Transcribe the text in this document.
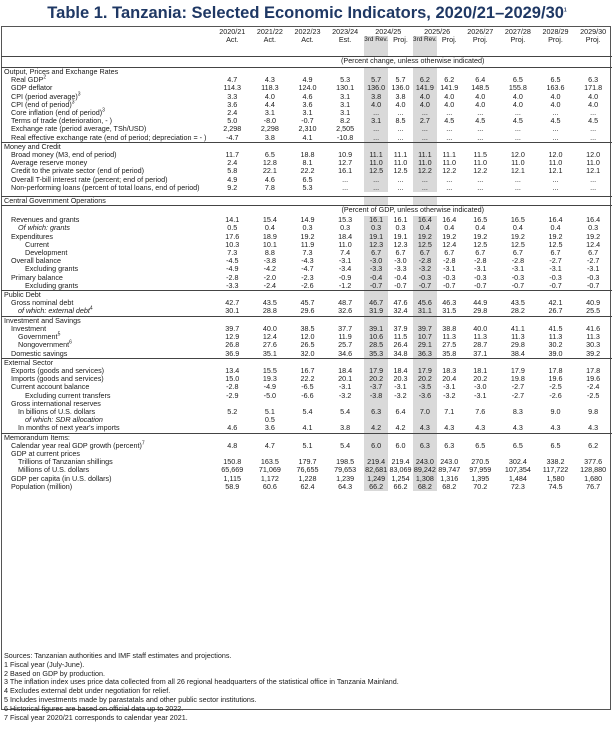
Table 1. Tanzania: Selected Economic Indicators, $2020/21-2029/30^1$
	2020/21	2021/22	2022/23	2023/24	2024/25		2025/26		2026/27	2027/28	2028/29	2029/30
	Act.	Act.	Act.	Est.	3rd Rev.	Proj.	3rd Rev.	Proj.	Proj.	Proj.	Proj.	Proj.
	(Percent change, unless otherwise indicated)											
Output, Prices and Exchange Rates												
Real GDP$^2$	4.7	4.3	4.9	5.3	5.7	5.7	6.2	6.2	6.4	6.5	6.5	6.3
GDP deflator	114.3	118.3	124.0	130.1	136.0	136.0	141.9	141.9	148.5	155.8	163.6	171.8
CPI (period average)$^3$	3.3	4.0	4.6	3.1	3.8	3.8	4.0	4.0	4.0	4.0	4.0	4.0
CPI (end of period)$^3$	3.6	4.4	3.6	3.1	4.0	4.0	4.0	4.0	4.0	4.0	4.0	4.0
Core inflation (end of period)$^3$	2.4	3.1	3.1	3.1	...	...	...	...	...	...	...	...
Terms of trade (deterioration, - )	5.0	-8.0	-0.7	8.2	3.1	8.5	2.7	4.5	4.5	4.5	4.5	4.5
Exchange rate (period average, TSh/USD)	2,298	2,298	2,310	2,505	...	...	...	...	...	...	...	...
Real effective exchange rate (end of period; depreciation = - )	-4.7	3.8	4.1	-10.8	...	...	...	...	...	...	...	...
Money and Credit												
Broad money (M3, end of period)	11.7	6.5	18.8	10.9	11.1	11.1	11.1	11.1	11.5	12.0	12.0	12.0
Average reserve money	2.4	12.8	8.1	12.7	11.0	11.0	11.0	11.0	11.0	11.0	11.0	11.0
Credit to the private sector (end of period)	5.8	22.1	22.2	16.1	12.5	12.5	12.2	12.2	12.2	12.1	12.1	12.1
Overall T-bill interest rate (percent; end of period)	4.9	4.6	6.5	...	...	...	...	...	...	...	...	...
Non-performing loans (percent of total loans, end of period)	9.2	7.8	5.3	...	...	...	...	...	...	...	...	...

Central Government Operations												
	(Percent of GDP, unless otherwise indicated)											
Revenues and grants	14.1	15.4	14.9	15.3	16.1	16.1	16.4	16.4	16.5	16.5	16.4	16.4
Of which: grants	0.5	0.4	0.3	0.3	0.3	0.3	0.4	0.4	0.4	0.4	0.4	0.3
Expenditures	17.6	18.9	19.2	18.4	19.1	19.1	19.2	19.2	19.2	19.2	19.2	19.2
Current	10.3	10.1	11.9	11.0	12.3	12.3	12.5	12.4	12.5	12.5	12.5	12.4
Development	7.3	8.8	7.3	7.4	6.7	6.7	6.7	6.7	6.7	6.7	6.7	6.7
Overall balance	-4.5	-3.8	-4.3	-3.1	-3.0	-3.0	-2.8	-2.8	-2.8	-2.8	-2.7	-2.7
Excluding grants	-4.9	-4.2	-4.7	-3.4	-3.3	-3.3	-3.2	-3.1	-3.1	-3.1	-3.1	-3.1
Primary balance	-2.8	-2.0	-2.3	-0.9	-0.4	-0.4	-0.3	-0.3	-0.3	-0.3	-0.3	-0.3
Excluding grants	-3.3	-2.4	-2.6	-1.2	-0.7	-0.7	-0.7	-0.7	-0.7	-0.7	-0.7	-0.7
Public Debt												
Gross nominal debt	42.7	43.5	45.7	48.7	46.7	47.6	45.6	46.3	44.9	43.5	42.1	40.9
of which: external debt$^4$	30.1	28.8	29.6	32.6	31.9	32.4	31.1	31.5	29.8	28.2	26.7	25.5
Investment and Savings												
Investment	39.7	40.0	38.5	37.7	39.1	37.9	39.7	38.8	40.0	41.1	41.5	41.6
Government$^5$	12.9	12.4	12.0	11.9	10.6	11.5	10.7	11.3	11.3	11.3	11.3	11.3
Nongovernment$^6$	26.8	27.6	26.5	25.7	28.5	26.4	29.1	27.5	28.7	29.8	30.2	30.3
Domestic savings	36.9	35.1	32.0	34.6	35.3	34.8	36.3	35.8	37.1	38.4	39.0	39.2
External Sector												
Exports (goods and services)	13.4	15.5	16.7	18.4	17.9	18.4	17.9	18.3	18.1	17.9	17.8	17.8
Imports (goods and services)	15.0	19.3	22.2	20.1	20.2	20.3	20.2	20.4	20.2	19.8	19.6	19.6
Current account balance	-2.8	-4.9	-6.5	-3.1	-3.7	-3.1	-3.5	-3.1	-3.0	-2.7	-2.5	-2.4
Excluding current transfers	-2.9	-5.0	-6.6	-3.2	-3.8	-3.2	-3.6	-3.2	-3.1	-2.7	-2.6	-2.5
Gross international reserves												
In billions of U.S. dollars	5.2	5.1	5.4	5.4	6.3	6.4	7.0	7.1	7.6	8.3	9.0	9.8
of which: SDR allocation		0.5										
In months of next year's imports	4.6	3.6	4.1	3.8	4.2	4.2	4.3	4.3	4.3	4.3	4.3	4.3
Memorandum Items:												
Calendar year real GDP growth (percent)$^7$	4.8	4.7	5.1	5.4	6.0	6.0	6.3	6.3	6.5	6.5	6.5	6.2
GDP at current prices												
Trillions of Tanzanian shillings	150.8	163.5	179.7	198.5	219.4	219.4	243.0	243.0	270.5	302.4	338.2	377.6
Millions of U.S. dollars	65,669	71,069	76,655	79,653	82,681	83,069	89,242	89,747	97,959	107,354	117,722	128,880
GDP per capita (in U.S. dollars)	1,115	1,172	1,228	1,239	1,249	1,254	1,308	1,316	1,395	1,484	1,580	1,680
Population (million)	58.9	60.6	62.4	64.3	66.2	66.2	68.2	68.2	70.2	72.3	74.5	76.7
Sources: Tanzanian authorities and IMF staff estimates and projections.
1 Fiscal year (July-June).
2 Based on GDP by production.
3 The inflation index uses price data collected from all 26 regional headquarters of the statistical office in Tanzania Mainland.
4 Excludes external debt under negotiation for relief.
5 Includes investments made by parastatals and other public sector institutions.
6 Historical figures are based on official data up to 2022.
7 Fiscal year 2020/21 corresponds to calendar year 2021.
